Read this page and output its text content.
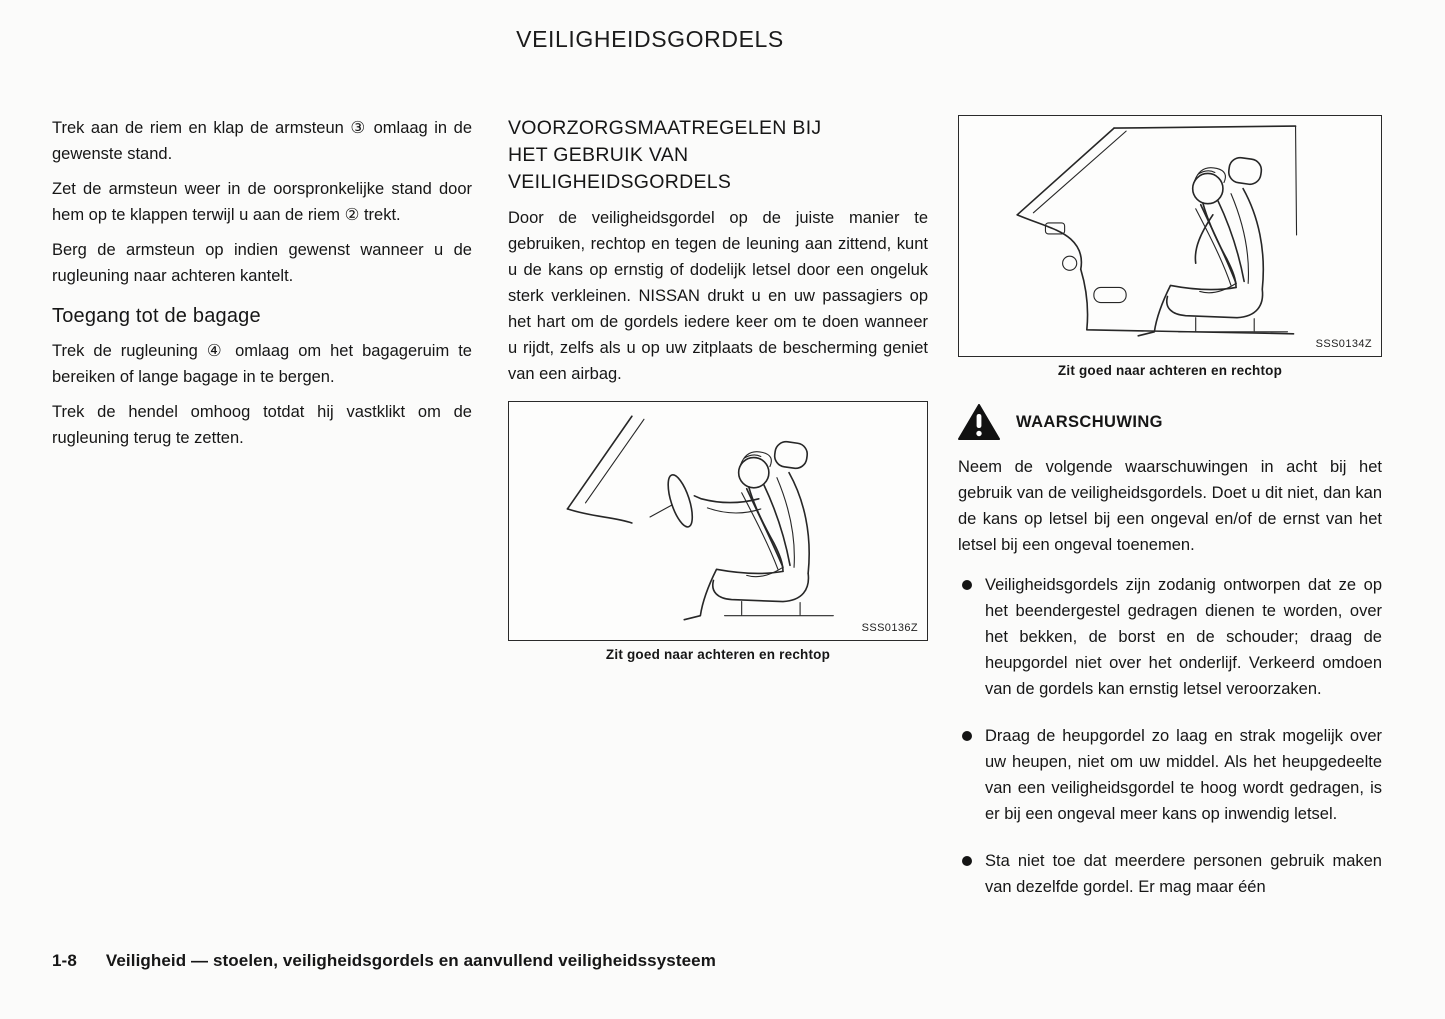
VEILIGHEIDSGORDELS

Trek aan de riem en klap de armsteun ③ omlaag in de gewenste stand.

Zet de armsteun weer in de oorspronkelijke stand door hem op te klappen terwijl u aan de riem ② trekt.

Berg de armsteun op indien gewenst wanneer u de rugleuning naar achteren kantelt.

Toegang tot de bagage

Trek de rugleuning ④ omlaag om het bagageruim te bereiken of lange bagage in te bergen.

Trek de hendel omhoog totdat hij vastklikt om de rugleuning terug te zetten.

VOORZORGSMAATREGELEN BIJ
HET GEBRUIK VAN
VEILIGHEIDSGORDELS

Door de veiligheidsgordel op de juiste manier te gebruiken, rechtop en tegen de leuning aan zittend, kunt u de kans op ernstig of dodelijk letsel door een ongeluk sterk verkleinen. NISSAN drukt u en uw passagiers op het hart om de gordels iedere keer om te doen wanneer u rijdt, zelfs als u op uw zitplaats de bescherming geniet van een airbag.

SSS0136Z
Zit goed naar achteren en rechtop
SSS0134Z
Zit goed naar achteren en rechtop
WAARSCHUWING

Neem de volgende waarschuwingen in acht bij het gebruik van de veiligheidsgordels. Doet u dit niet, dan kan de kans op letsel bij een ongeval en/of de ernst van het letsel bij een ongeval toenemen.

Veiligheidsgordels zijn zodanig ontworpen dat ze op het beendergestel gedragen dienen te worden, over het bekken, de borst en de schouder; draag de heupgordel niet over het onderlijf. Verkeerd omdoen van de gordels kan ernstig letsel veroorzaken.
Draag de heupgordel zo laag en strak mogelijk over uw heupen, niet om uw middel. Als het heupgedeelte van een veiligheidsgordel te hoog wordt gedragen, is er bij een ongeval meer kans op inwendig letsel.
Sta niet toe dat meerdere personen gebruik maken van dezelfde gordel. Er mag maar één
1-8 Veiligheid — stoelen, veiligheidsgordels en aanvullend veiligheidssysteem
